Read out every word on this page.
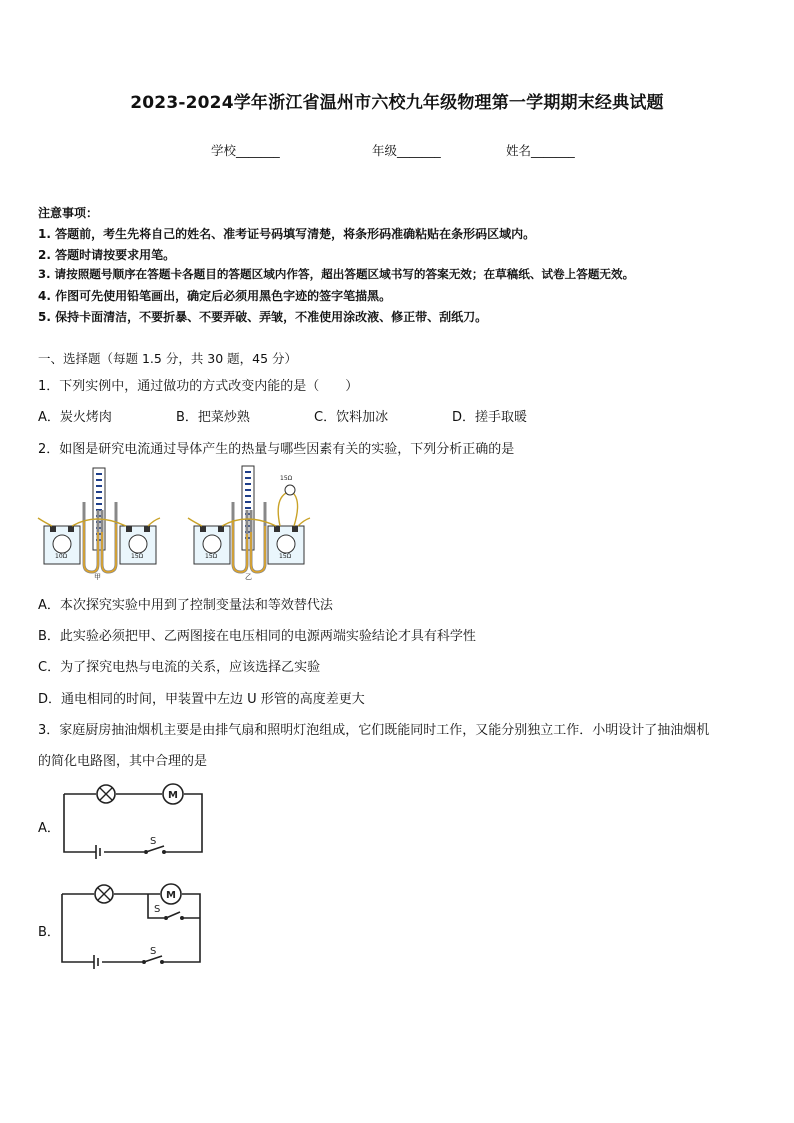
2023-2024学年浙江省温州市六校九年级物理第一学期期末经典试题
学校_______	年级_______	姓名_______
注意事项：
1. 答题前，考生先将自己的姓名、准考证号码填写清楚，将条形码准确粘贴在条形码区域内。
2. 答题时请按要求用笔。
3. 请按照题号顺序在答题卡各题目的答题区域内作答，超出答题区域书写的答案无效；在草稿纸、试卷上答题无效。
4. 作图可先使用铅笔画出，确定后必须用黑色字迹的签字笔描黑。
5. 保持卡面清洁，不要折暴、不要弄破、弄皱，不准使用涂改液、修正带、刮纸刀。
一、选择题（每题 1.5 分，共 30 题，45 分）
1．下列实例中，通过做功的方式改变内能的是（　　）
A．炭火烤肉	B．把菜炒熟	C．饮料加冰	D．搓手取暖
2．如图是研究电流通过导体产生的热量与哪些因素有关的实验，下列分析正确的是
10Ω	15Ω
甲
15Ω	15Ω
15Ω
乙
A．本次探究实验中用到了控制变量法和等效替代法
B．此实验必须把甲、乙两图接在电压相同的电源两端实验结论才具有科学性
C．为了探究电热与电流的关系，应该选择乙实验
D．通电相同的时间，甲装置中左边 U 形管的高度差更大
3．家庭厨房抽油烟机主要是由排气扇和照明灯泡组成，它们既能同时工作，又能分别独立工作．小明设计了抽油烟机
的简化电路图，其中合理的是
A．
M
S
B．
M
S
S
